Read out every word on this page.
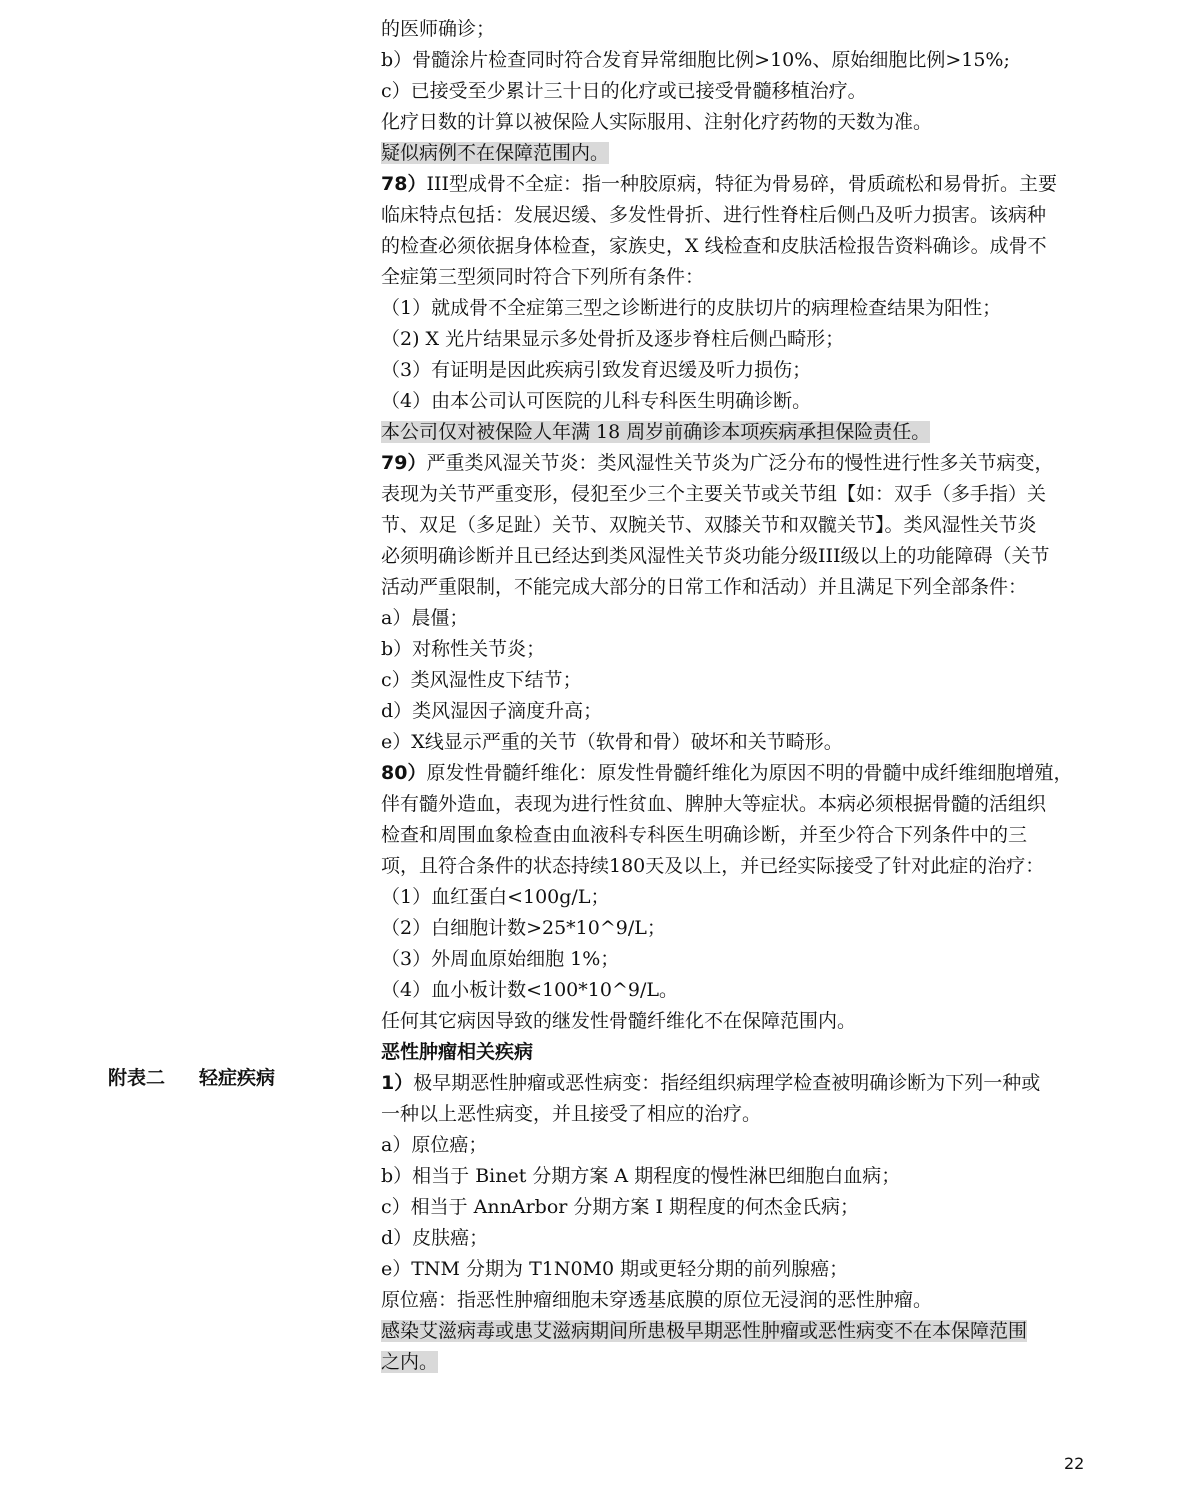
附表二 轻症疾病
的医师确诊；
b）骨髓涂片检查同时符合发育异常细胞比例>10%、原始细胞比例>15%;
c）已接受至少累计三十日的化疗或已接受骨髓移植治疗。
化疗日数的计算以被保险人实际服用、注射化疗药物的天数为准。
疑似病例不在保障范围内。
78）III型成骨不全症：指一种胶原病，特征为骨易碎，骨质疏松和易骨折。主要
临床特点包括：发展迟缓、多发性骨折、进行性脊柱后侧凸及听力损害。该病种
的检查必须依据身体检查，家族史，X 线检查和皮肤活检报告资料确诊。成骨不
全症第三型须同时符合下列所有条件：
（1）就成骨不全症第三型之诊断进行的皮肤切片的病理检查结果为阳性；
（2) X 光片结果显示多处骨折及逐步脊柱后侧凸畸形；
（3）有证明是因此疾病引致发育迟缓及听力损伤；
（4）由本公司认可医院的儿科专科医生明确诊断。
本公司仅对被保险人年满 18 周岁前确诊本项疾病承担保险责任。
79）严重类风湿关节炎：类风湿性关节炎为广泛分布的慢性进行性多关节病变，
表现为关节严重变形，侵犯至少三个主要关节或关节组【如：双手（多手指）关
节、双足（多足趾）关节、双腕关节、双膝关节和双髋关节】。类风湿性关节炎
必须明确诊断并且已经达到类风湿性关节炎功能分级III级以上的功能障碍（关节
活动严重限制，不能完成大部分的日常工作和活动）并且满足下列全部条件：
a）晨僵；
b）对称性关节炎；
c）类风湿性皮下结节；
d）类风湿因子滴度升高；
e）X线显示严重的关节（软骨和骨）破坏和关节畸形。
80）原发性骨髓纤维化：原发性骨髓纤维化为原因不明的骨髓中成纤维细胞增殖，
伴有髓外造血，表现为进行性贫血、脾肿大等症状。本病必须根据骨髓的活组织
检查和周围血象检查由血液科专科医生明确诊断，并至少符合下列条件中的三
项，且符合条件的状态持续180天及以上，并已经实际接受了针对此症的治疗：
（1）血红蛋白<100g/L；
（2）白细胞计数>25*10^9/L；
（3）外周血原始细胞 1%；
（4）血小板计数<100*10^9/L。
任何其它病因导致的继发性骨髓纤维化不在保障范围内。
恶性肿瘤相关疾病
1）极早期恶性肿瘤或恶性病变：指经组织病理学检查被明确诊断为下列一种或
一种以上恶性病变，并且接受了相应的治疗。
a）原位癌；
b）相当于 Binet 分期方案 A 期程度的慢性淋巴细胞白血病；
c）相当于 AnnArbor 分期方案 I 期程度的何杰金氏病；
d）皮肤癌；
e）TNM 分期为 T1N0M0 期或更轻分期的前列腺癌；
原位癌：指恶性肿瘤细胞未穿透基底膜的原位无浸润的恶性肿瘤。
感染艾滋病毒或患艾滋病期间所患极早期恶性肿瘤或恶性病变不在本保障范围
之内。
22
